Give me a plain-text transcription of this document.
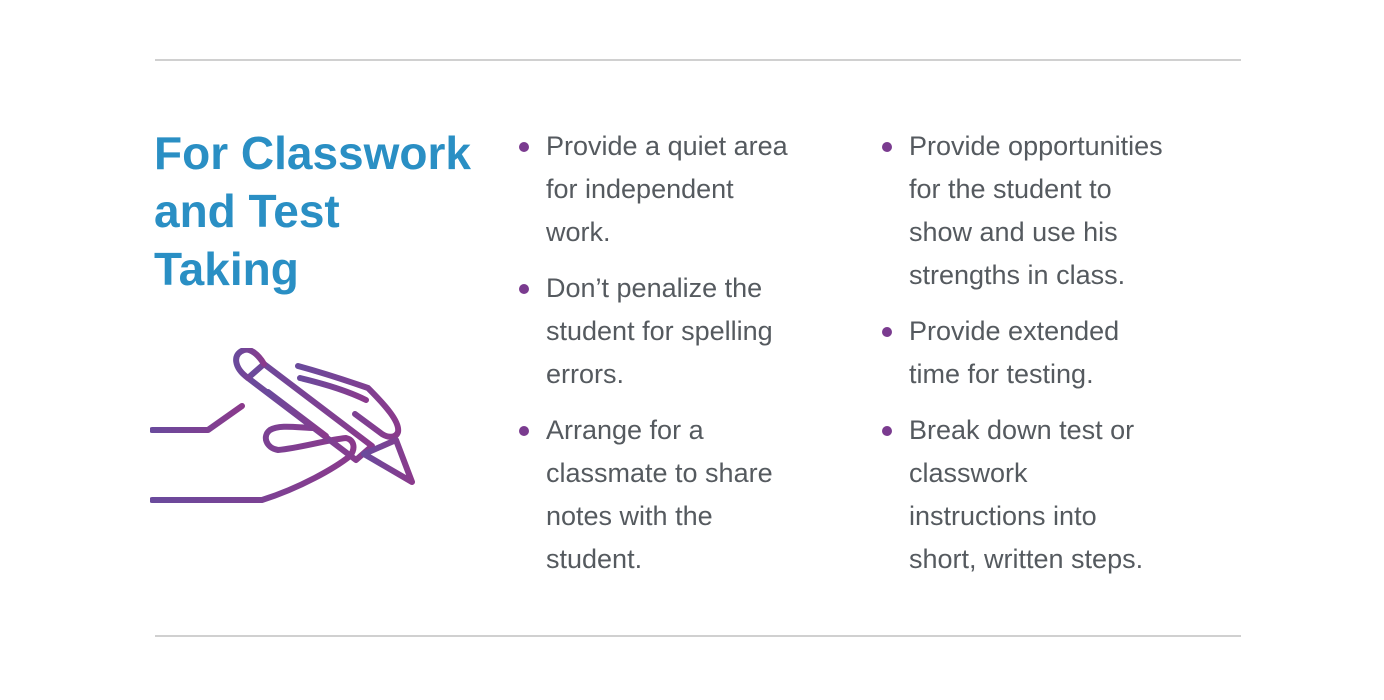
For Classwork
and Test
Taking
Provide a quiet area
for independent
work.
Don’t penalize the
student for spelling
errors.
Arrange for a
classmate to share
notes with the
student.
Provide opportunities
for the student to
show and use his
strengths in class.
Provide extended
time for testing.
Break down test or
classwork
instructions into
short, written steps.
